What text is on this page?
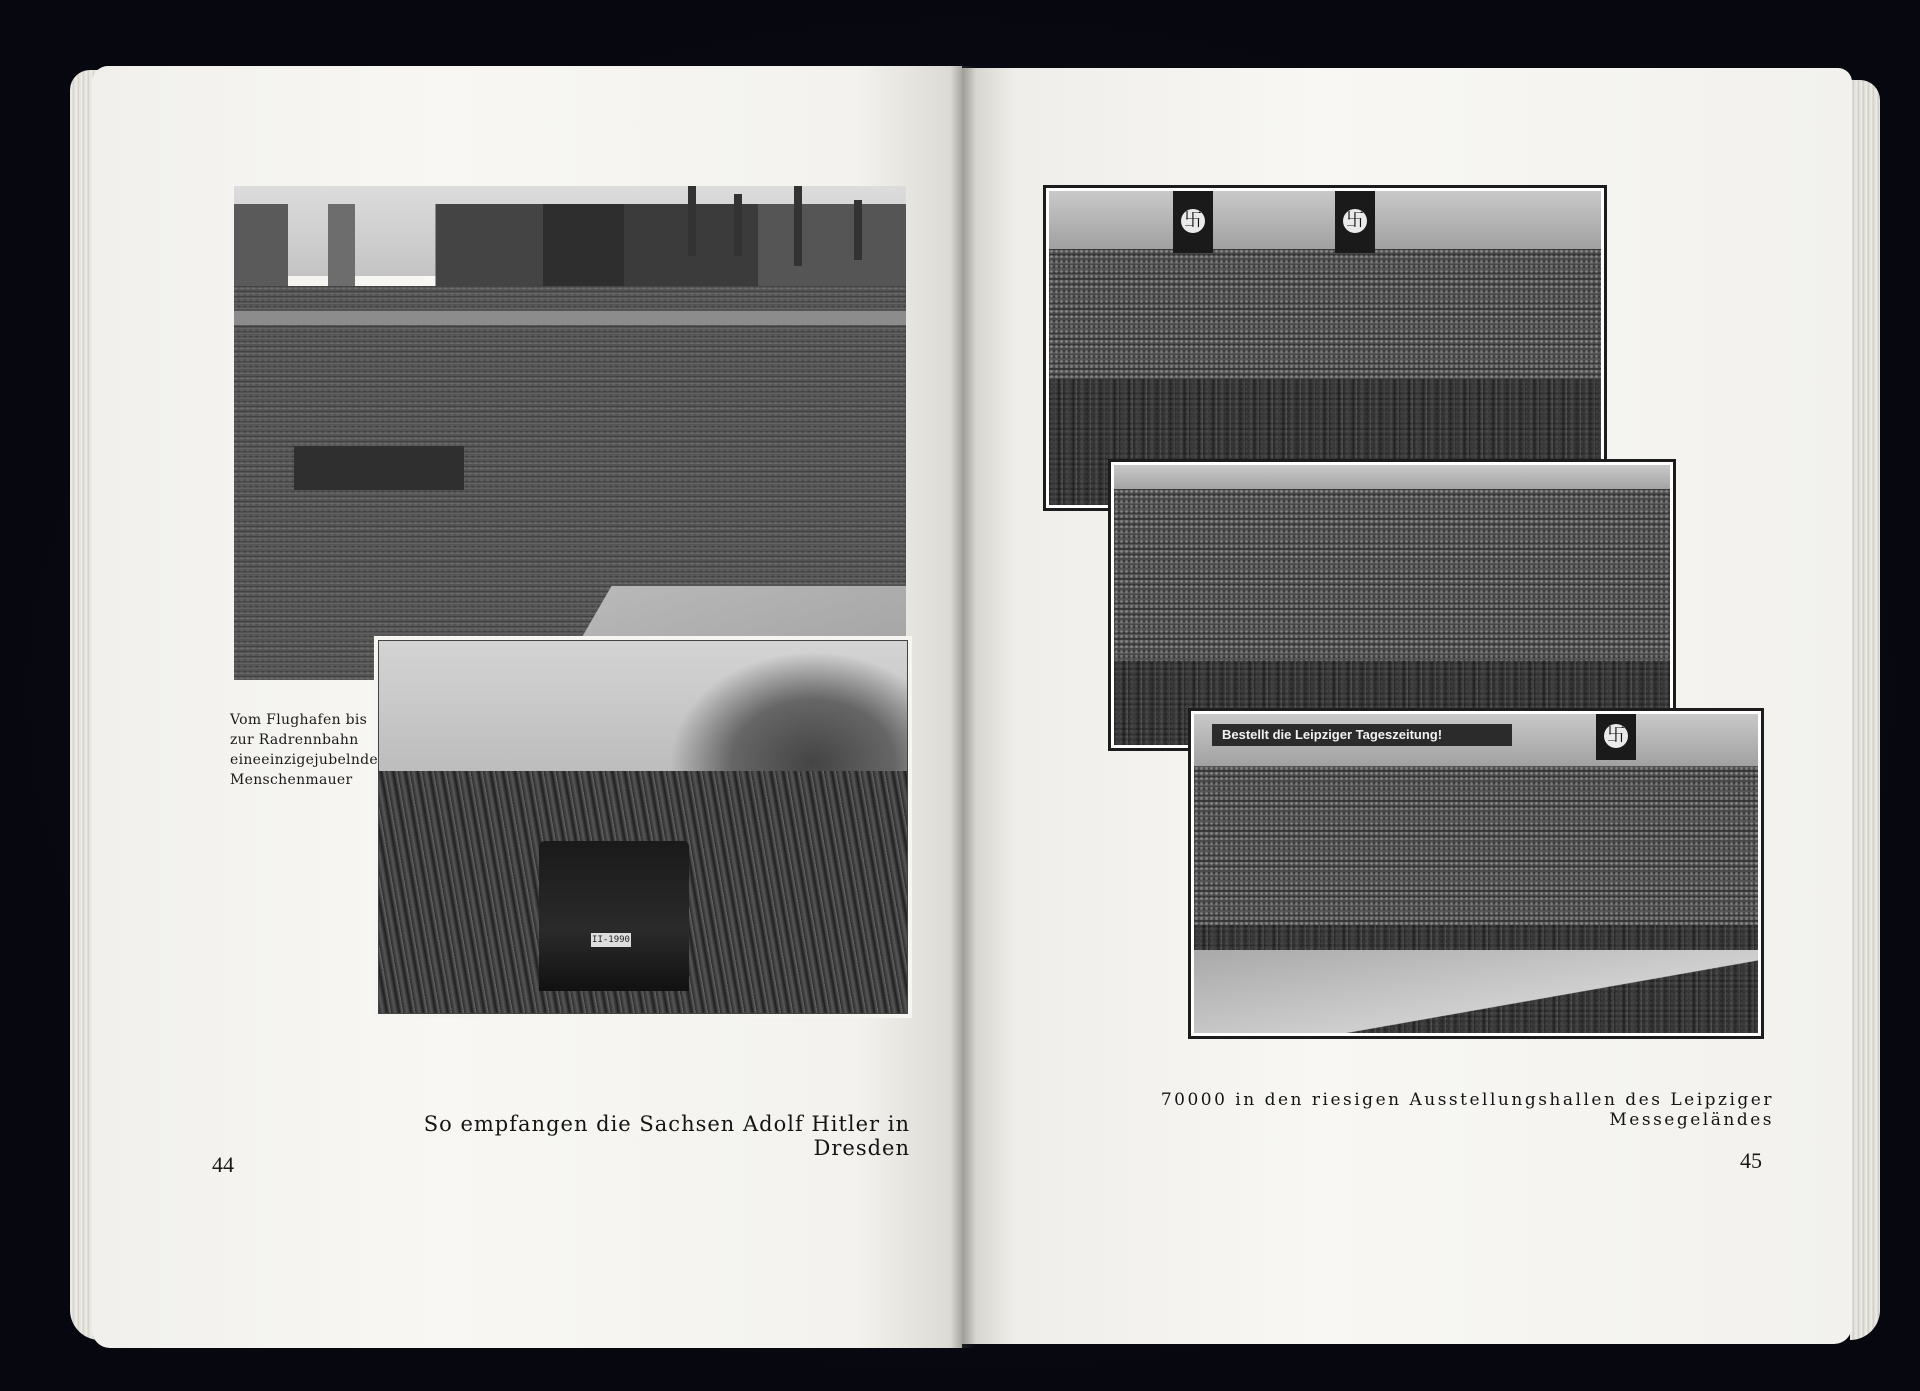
II-1990
Vom Flughafen bis
zur Radrennbahn
eineeinzigejubelnde
Menschenmauer
So empfangen die Sachsen Adolf Hitler in Dresden
44
卐	卐
Bestellt die Leipziger Tageszeitung!	卐
70000 in den riesigen Ausstellungshallen des Leipziger Messegeländes
45
